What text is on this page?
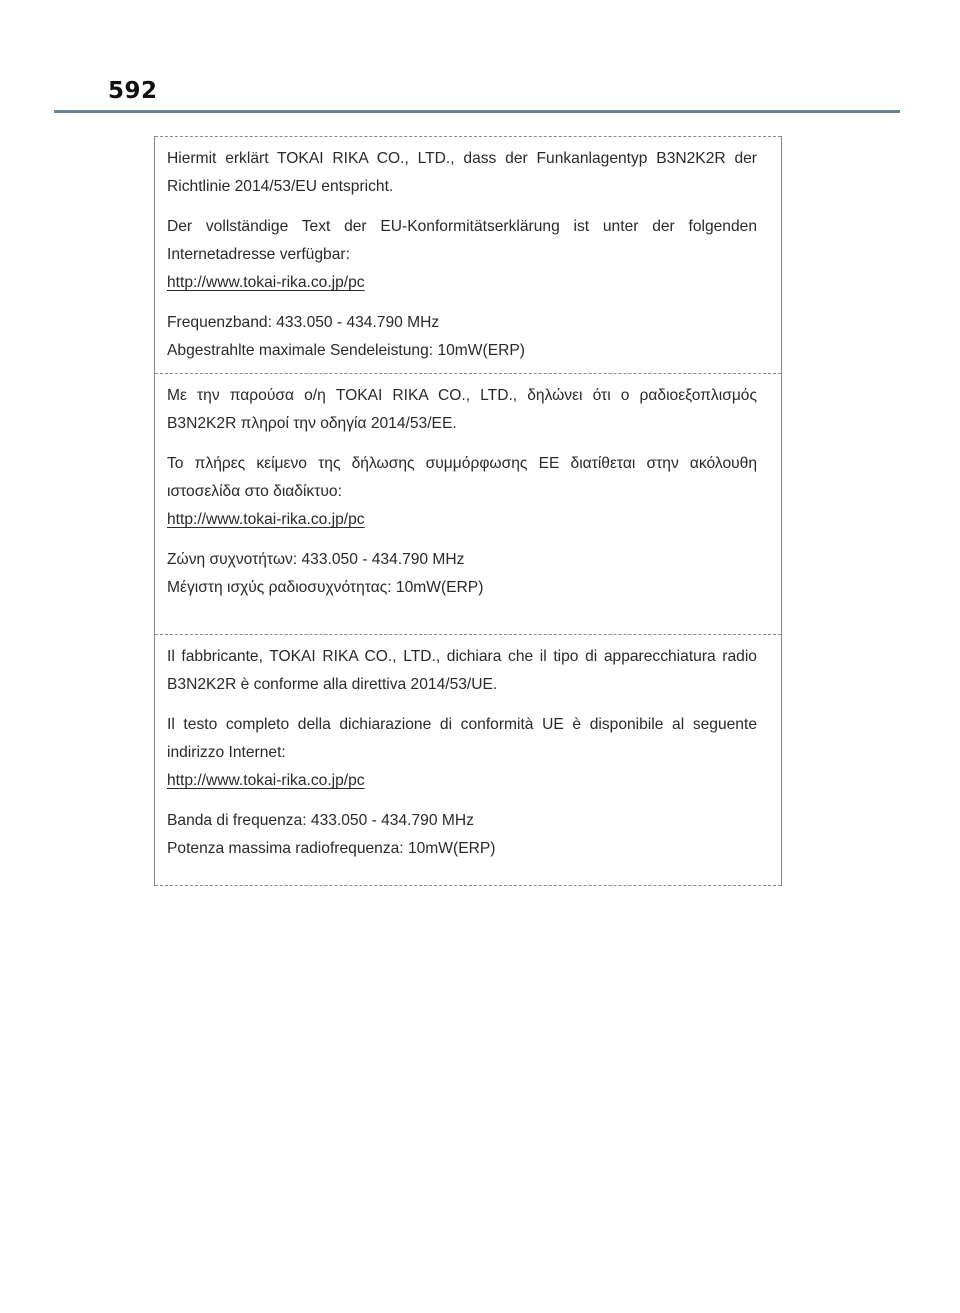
592

Hiermit erklärt TOKAI RIKA CO., LTD., dass der Funkanlagentyp B3N2K2R der Richtlinie 2014/53/EU entspricht.

Der vollständige Text der EU-Konformitätserklärung ist unter der folgenden Internetadresse verfügbar:

http://www.tokai-rika.co.jp/pc
Frequenzband: 433.050 - 434.790 MHz
Abgestrahlte maximale Sendeleistung: 10mW(ERP)

Με την παρούσα ο/η TOKAI RIKA CO., LTD., δηλώνει ότι ο ραδιοεξοπλισμός B3N2K2R πληροί την οδηγία 2014/53/ΕΕ.

Το πλήρες κείμενο της δήλωσης συμμόρφωσης ΕΕ διατίθεται στην ακόλουθη ιστοσελίδα στο διαδίκτυο:

http://www.tokai-rika.co.jp/pc
Ζώνη συχνοτήτων: 433.050 - 434.790 MHz
Μέγιστη ισχύς ραδιοσυχνότητας: 10mW(ERP)

Il fabbricante, TOKAI RIKA CO., LTD., dichiara che il tipo di apparecchiatura radio B3N2K2R è conforme alla direttiva 2014/53/UE.

Il testo completo della dichiarazione di conformità UE è disponibile al seguente indirizzo Internet:

http://www.tokai-rika.co.jp/pc
Banda di frequenza: 433.050 - 434.790 MHz
Potenza massima radiofrequenza: 10mW(ERP)
